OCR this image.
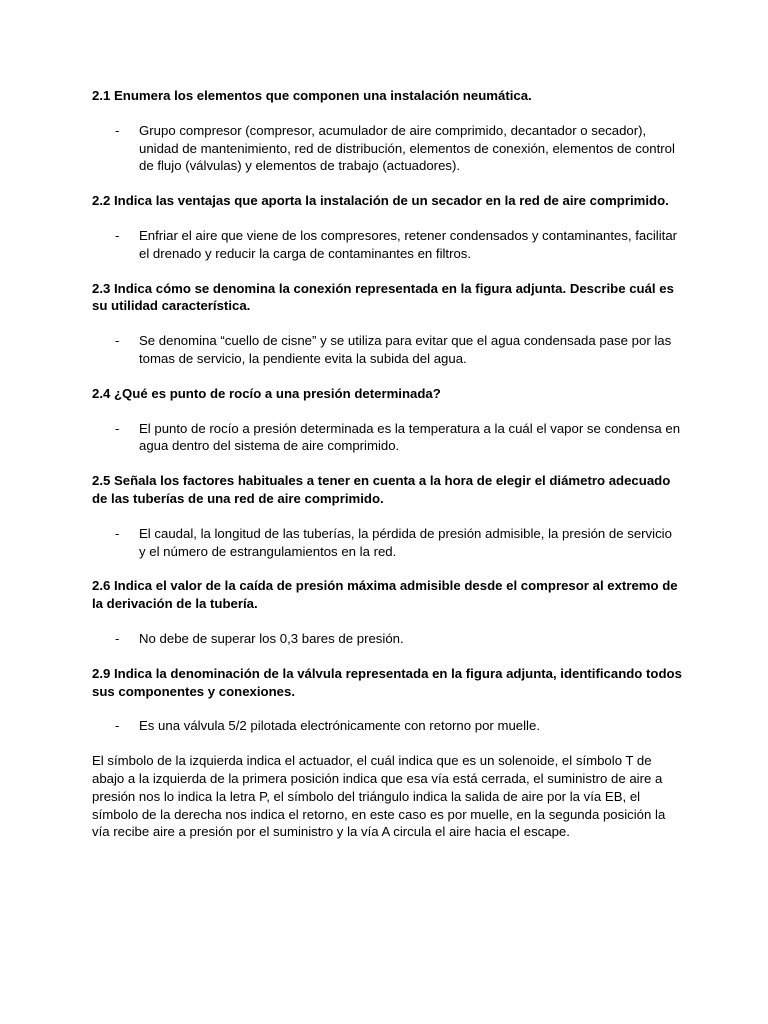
2.1 Enumera los elementos que componen una instalación neumática.

- Grupo compresor (compresor, acumulador de aire comprimido, decantador o secador), unidad de mantenimiento, red de distribución, elementos de conexión, elementos de control de flujo (válvulas) y elementos de trabajo (actuadores).

2.2 Indica las ventajas que aporta la instalación de un secador en la red de aire comprimido.

- Enfriar el aire que viene de los compresores, retener condensados y contaminantes, facilitar el drenado y reducir la carga de contaminantes en filtros.

2.3 Indica cómo se denomina la conexión representada en la figura adjunta. Describe cuál es su utilidad característica.

- Se denomina “cuello de cisne” y se utiliza para evitar que el agua condensada pase por las tomas de servicio, la pendiente evita la subida del agua.

2.4 ¿Qué es punto de rocío a una presión determinada?

- El punto de rocío a presión determinada es la temperatura a la cuál el vapor se condensa en agua dentro del sistema de aire comprimido.

2.5 Señala los factores habituales a tener en cuenta a la hora de elegir el diámetro adecuado de las tuberías de una red de aire comprimido.

- El caudal, la longitud de las tuberías, la pérdida de presión admisible, la presión de servicio y el número de estrangulamientos en la red.

2.6 Indica el valor de la caída de presión máxima admisible desde el compresor al extremo de la derivación de la tubería.

- No debe de superar los 0,3 bares de presión.

2.9 Indica la denominación de la válvula representada en la figura adjunta, identificando todos sus componentes y conexiones.

- Es una válvula 5/2 pilotada electrónicamente con retorno por muelle.

El símbolo de la izquierda indica el actuador, el cuál indica que es un solenoide, el símbolo T de abajo a la izquierda de la primera posición indica que esa vía está cerrada, el suministro de aire a presión nos lo indica la letra P, el símbolo del triángulo indica la salida de aire por la vía EB, el símbolo de la derecha nos indica el retorno, en este caso es por muelle, en la segunda posición la vía recibe aire a presión por el suministro y la vía A circula el aire hacia el escape.
